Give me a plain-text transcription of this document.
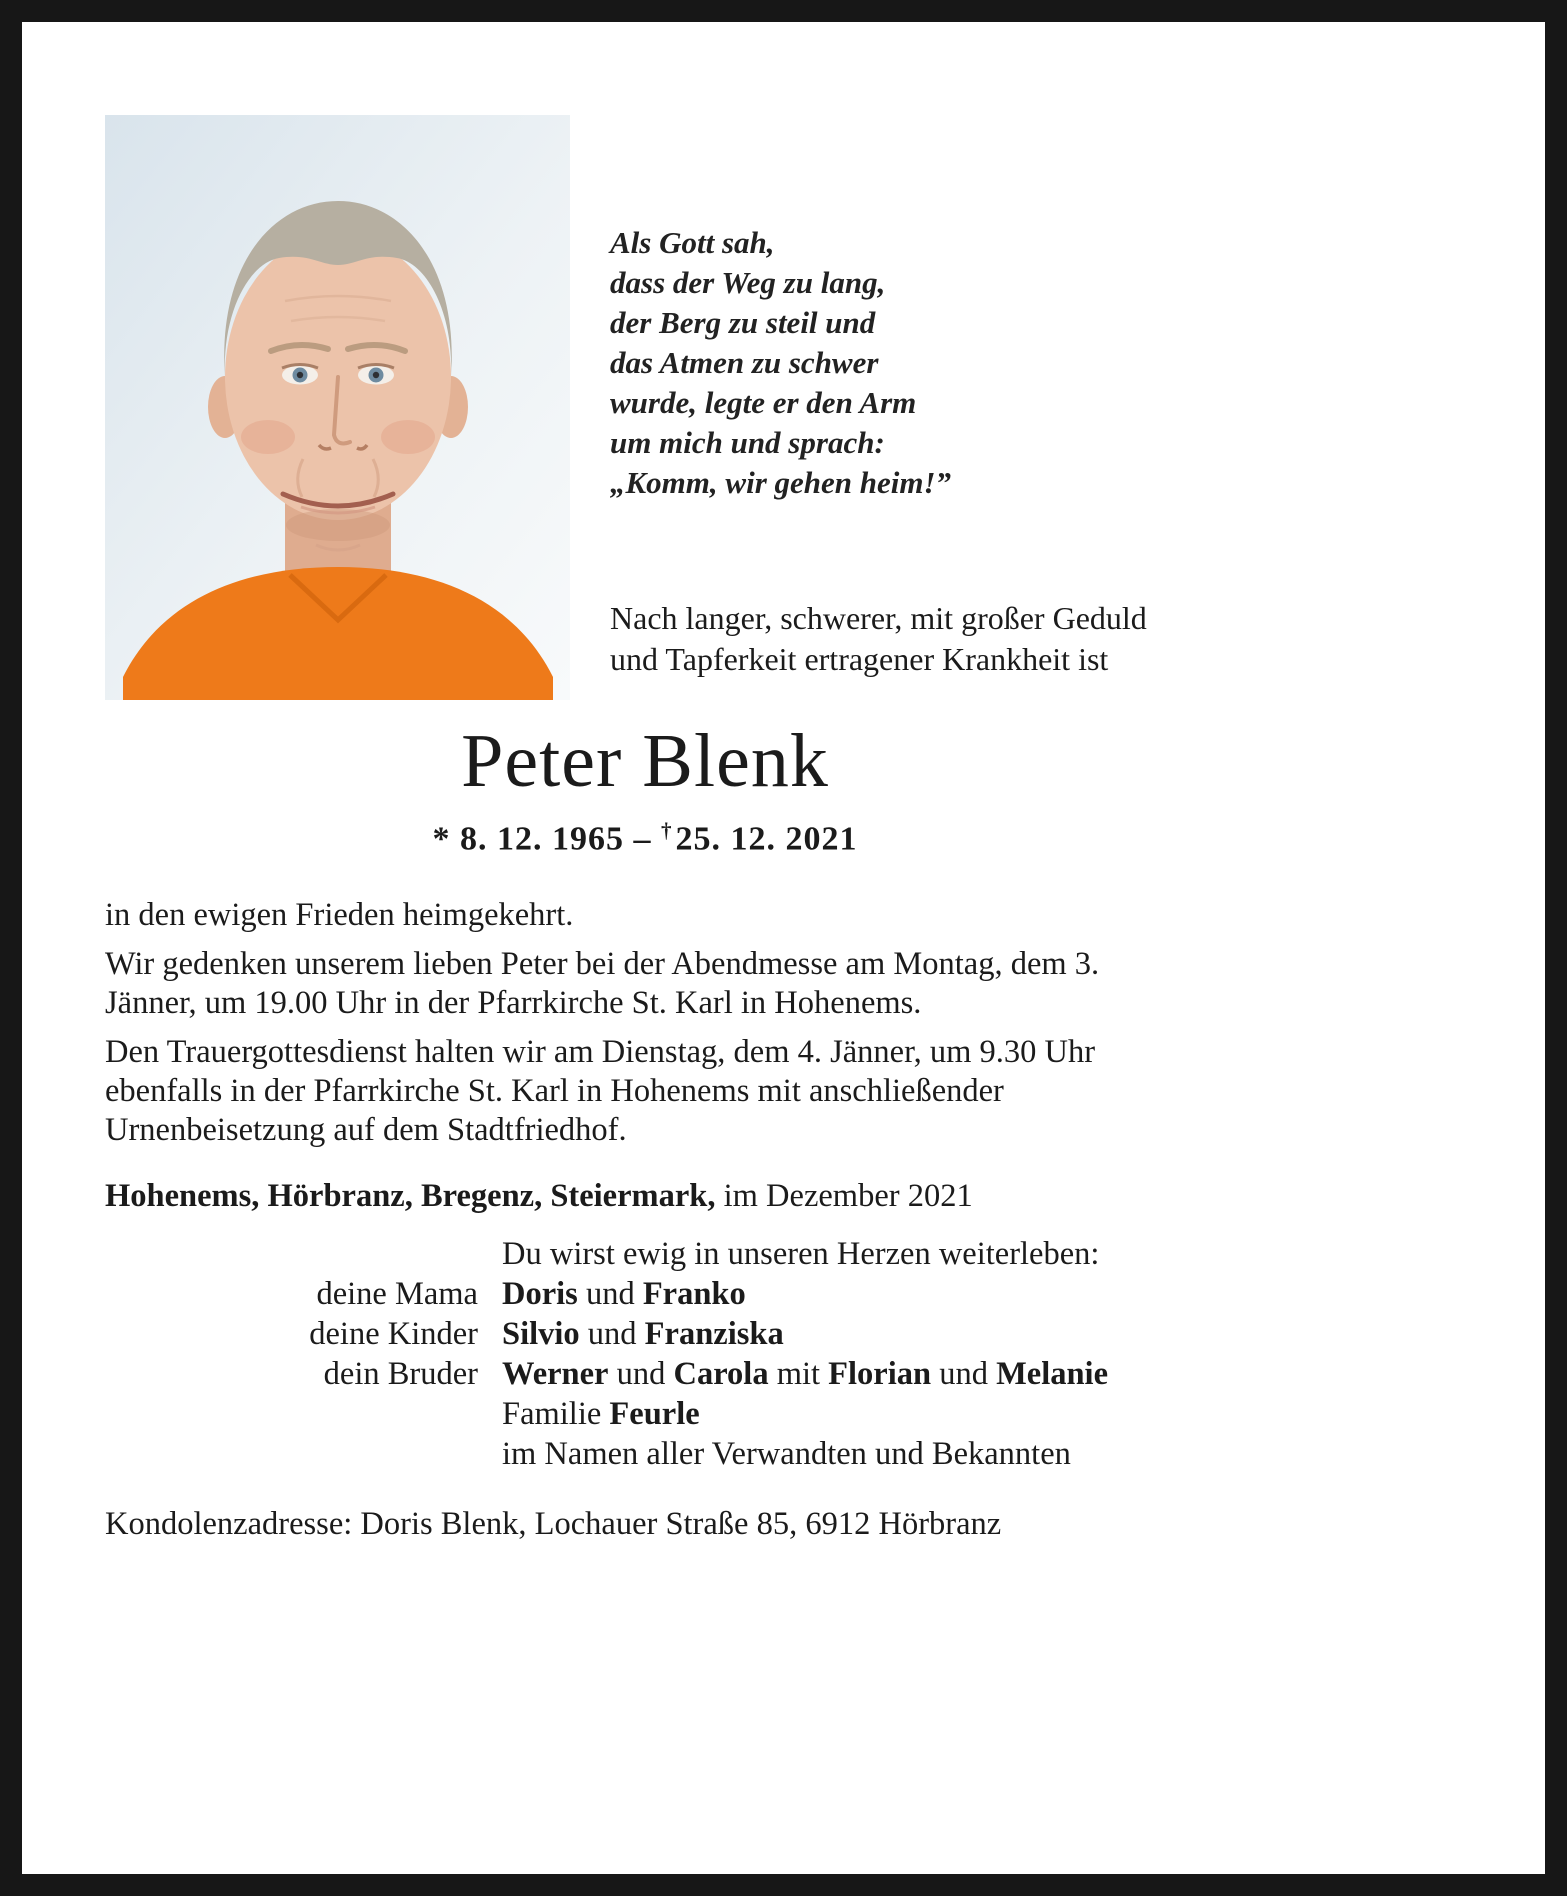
Als Gott sah,
dass der Weg zu lang,
der Berg zu steil und
das Atmen zu schwer
wurde, legte er den Arm
um mich und sprach:
„Komm, wir gehen heim!”
Nach langer, schwerer, mit großer Geduld
und Tapferkeit ertragener Krankheit ist
Peter Blenk
* 8. 12. 1965 – †25. 12. 2021

in den ewigen Frieden heimgekehrt.

Wir gedenken unserem lieben Peter bei der Abendmesse am Montag, dem 3. Jänner, um 19.00 Uhr in der Pfarrkirche St. Karl in Hohenems.

Den Trauergottesdienst halten wir am Dienstag, dem 4. Jänner, um 9.30 Uhr ebenfalls in der Pfarrkirche St. Karl in Hohenems mit anschließender Urnenbeisetzung auf dem Stadtfriedhof.

Hohenems, Hörbranz, Bregenz, Steiermark, im Dezember 2021
Du wirst ewig in unseren Herzen weiterleben:
deine Mama Doris und Franko
deine Kinder Silvio und Franziska
dein Bruder Werner und Carola mit Florian und Melanie
Familie Feurle
im Namen aller Verwandten und Bekannten
Kondolenzadresse: Doris Blenk, Lochauer Straße 85, 6912 Hörbranz
